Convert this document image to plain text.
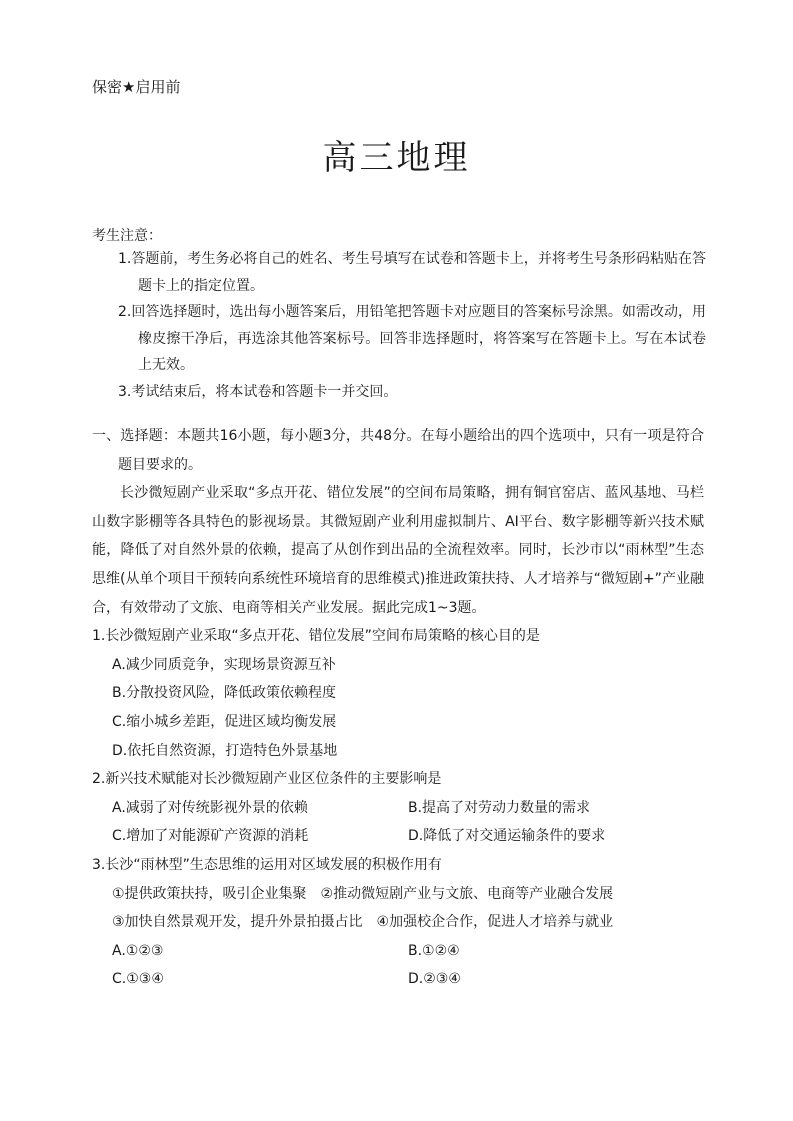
保密★启用前
高三地理
考生注意：
1.答题前，考生务必将自己的姓名、考生号填写在试卷和答题卡上，并将考生号条形码粘贴在答题卡上的指定位置。
2.回答选择题时，选出每小题答案后，用铅笔把答题卡对应题目的答案标号涂黑。如需改动，用橡皮擦干净后，再选涂其他答案标号。回答非选择题时，将答案写在答题卡上。写在本试卷上无效。
3.考试结束后，将本试卷和答题卡一并交回。
一、选择题：本题共16小题，每小题3分，共48分。在每小题给出的四个选项中，只有一项是符合题目要求的。
长沙微短剧产业采取“多点开花、错位发展”的空间布局策略，拥有铜官窑店、蓝风基地、马栏山数字影棚等各具特色的影视场景。其微短剧产业利用虚拟制片、AI平台、数字影棚等新兴技术赋能，降低了对自然外景的依赖，提高了从创作到出品的全流程效率。同时，长沙市以“雨林型”生态思维(从单个项目干预转向系统性环境培育的思维模式)推进政策扶持、人才培养与“微短剧+”产业融合，有效带动了文旅、电商等相关产业发展。据此完成1~3题。
1.长沙微短剧产业采取“多点开花、错位发展”空间布局策略的核心目的是
A.减少同质竞争，实现场景资源互补
B.分散投资风险，降低政策依赖程度
C.缩小城乡差距，促进区域均衡发展
D.依托自然资源，打造特色外景基地
2.新兴技术赋能对长沙微短剧产业区位条件的主要影响是
A.减弱了对传统影视外景的依赖	B.提高了对劳动力数量的需求
C.增加了对能源矿产资源的消耗	D.降低了对交通运输条件的要求
3.长沙“雨林型”生态思维的运用对区域发展的积极作用有
①提供政策扶持，吸引企业集聚　②推动微短剧产业与文旅、电商等产业融合发展
③加快自然景观开发，提升外景拍摄占比　④加强校企合作，促进人才培养与就业
A.①②③	B.①②④
C.①③④	D.②③④
